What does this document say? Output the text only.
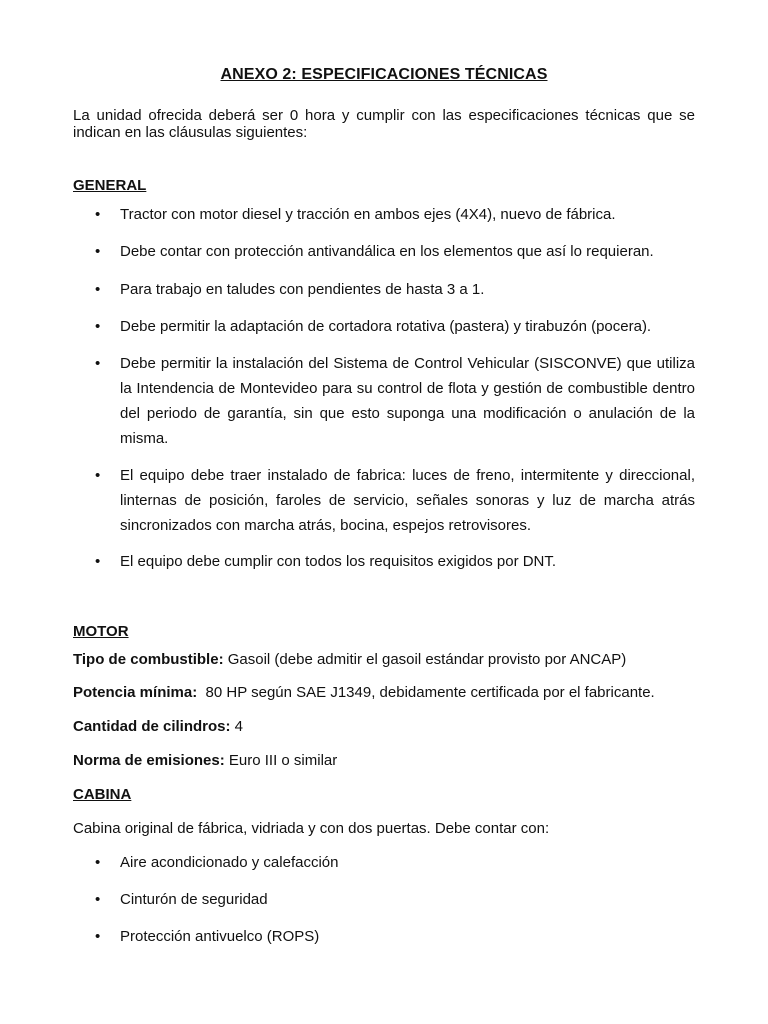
ANEXO 2: ESPECIFICACIONES TÉCNICAS
La unidad ofrecida deberá ser 0 hora y cumplir con las especificaciones técnicas que se indican en las cláusulas siguientes:
GENERAL
• Tractor con motor diesel y tracción en ambos ejes (4X4), nuevo de fábrica.
• Debe contar con protección antivandálica en los elementos que así lo requieran.
• Para trabajo en taludes con pendientes de hasta 3 a 1.
• Debe permitir la adaptación de cortadora rotativa (pastera) y tirabuzón (pocera).
• Debe permitir la instalación del Sistema de Control Vehicular (SISCONVE) que utiliza la Intendencia de Montevideo para su control de flota y gestión de combustible dentro del periodo de garantía, sin que esto suponga una modificación o anulación de la misma.
• El equipo debe traer instalado de fabrica: luces de freno, intermitente y direccional, linternas de posición, faroles de servicio, señales sonoras y luz de marcha atrás sincronizados con marcha atrás, bocina, espejos retrovisores.
• El equipo debe cumplir con todos los requisitos exigidos por DNT.
MOTOR
Tipo de combustible: Gasoil (debe admitir el gasoil estándar provisto por ANCAP)
Potencia mínima:  80 HP según SAE J1349, debidamente certificada por el fabricante.
Cantidad de cilindros: 4
Norma de emisiones: Euro III o similar
CABINA
Cabina original de fábrica, vidriada y con dos puertas. Debe contar con:
• Aire acondicionado y calefacción
• Cinturón de seguridad
• Protección antivuelco (ROPS)
